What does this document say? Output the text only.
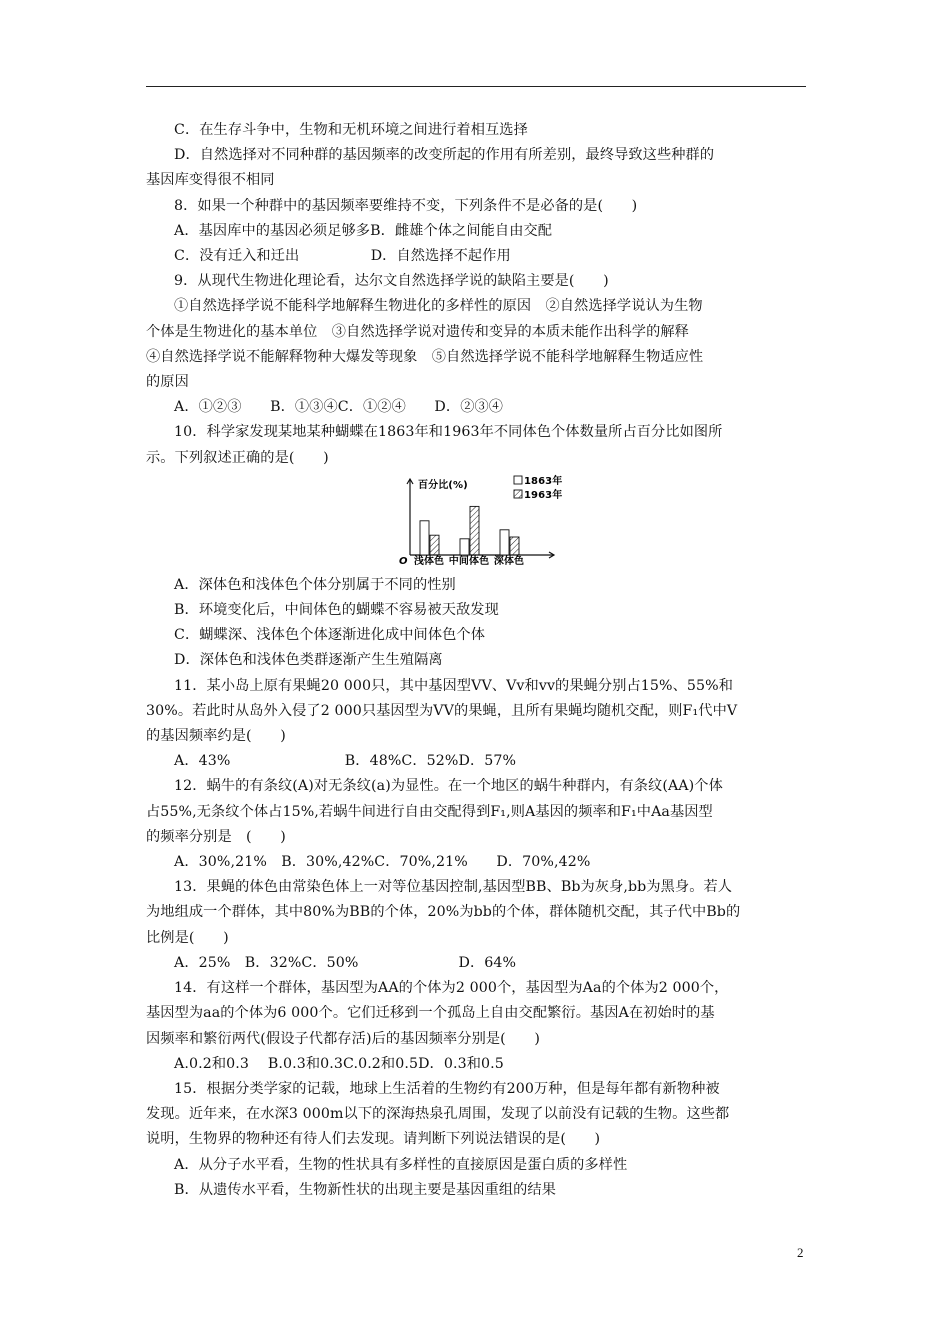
C．在生存斗争中，生物和无机环境之间进行着相互选择
D．自然选择对不同种群的基因频率的改变所起的作用有所差别，最终导致这些种群的
基因库变得很不相同
8．如果一个种群中的基因频率要维持不变，下列条件不是必备的是(　　)
A．基因库中的基因必须足够多B．雌雄个体之间能自由交配
C．没有迁入和迁出　　　　　D．自然选择不起作用
9．从现代生物进化理论看，达尔文自然选择学说的缺陷主要是(　　)
①自然选择学说不能科学地解释生物进化的多样性的原因　②自然选择学说认为生物
个体是生物进化的基本单位　③自然选择学说对遗传和变异的本质未能作出科学的解释
④自然选择学说不能解释物种大爆发等现象　⑤自然选择学说不能科学地解释生物适应性
的原因
A．①②③　　B．①③④C．①②④　　D．②③④
10．科学家发现某地某种蝴蝶在1863年和1963年不同体色个体数量所占百分比如图所
示。下列叙述正确的是(　　)
百分比(%)
O
1863年
1963年
浅体色 中间体色 深体色
A．深体色和浅体色个体分别属于不同的性别
B．环境变化后，中间体色的蝴蝶不容易被天敌发现
C．蝴蝶深、浅体色个体逐渐进化成中间体色个体
D．深体色和浅体色类群逐渐产生生殖隔离
11．某小岛上原有果蝇20 000只，其中基因型VV、Vv和vv的果蝇分别占15%、55%和
30%。若此时从岛外入侵了2 000只基因型为VV的果蝇，且所有果蝇均随机交配，则F₁代中V
的基因频率约是(　　)
A．43%　　　　　　　　B．48%C．52%D．57%
12．蜗牛的有条纹(A)对无条纹(a)为显性。在一个地区的蜗牛种群内，有条纹(AA)个体
占55%,无条纹个体占15%,若蜗牛间进行自由交配得到F₁,则A基因的频率和F₁中Aa基因型
的频率分别是　(　　)
A．30%,21%　B．30%,42%C．70%,21%　　D．70%,42%
13．果蝇的体色由常染色体上一对等位基因控制,基因型BB、Bb为灰身,bb为黑身。若人
为地组成一个群体，其中80%为BB的个体，20%为bb的个体，群体随机交配，其子代中Bb的
比例是(　　)
A．25%　B．32%C．50%　　　　　　　D．64%
14．有这样一个群体，基因型为AA的个体为2 000个，基因型为Aa的个体为2 000个，
基因型为aa的个体为6 000个。它们迁移到一个孤岛上自由交配繁衍。基因A在初始时的基
因频率和繁衍两代(假设子代都存活)后的基因频率分别是(　　)
A.0.2和0.3　 B.0.3和0.3C.0.2和0.5D．0.3和0.5
15．根据分类学家的记载，地球上生活着的生物约有200万种，但是每年都有新物种被
发现。近年来，在水深3 000m以下的深海热泉孔周围，发现了以前没有记载的生物。这些都
说明，生物界的物种还有待人们去发现。请判断下列说法错误的是(　　)
A．从分子水平看，生物的性状具有多样性的直接原因是蛋白质的多样性
B．从遗传水平看，生物新性状的出现主要是基因重组的结果
2
